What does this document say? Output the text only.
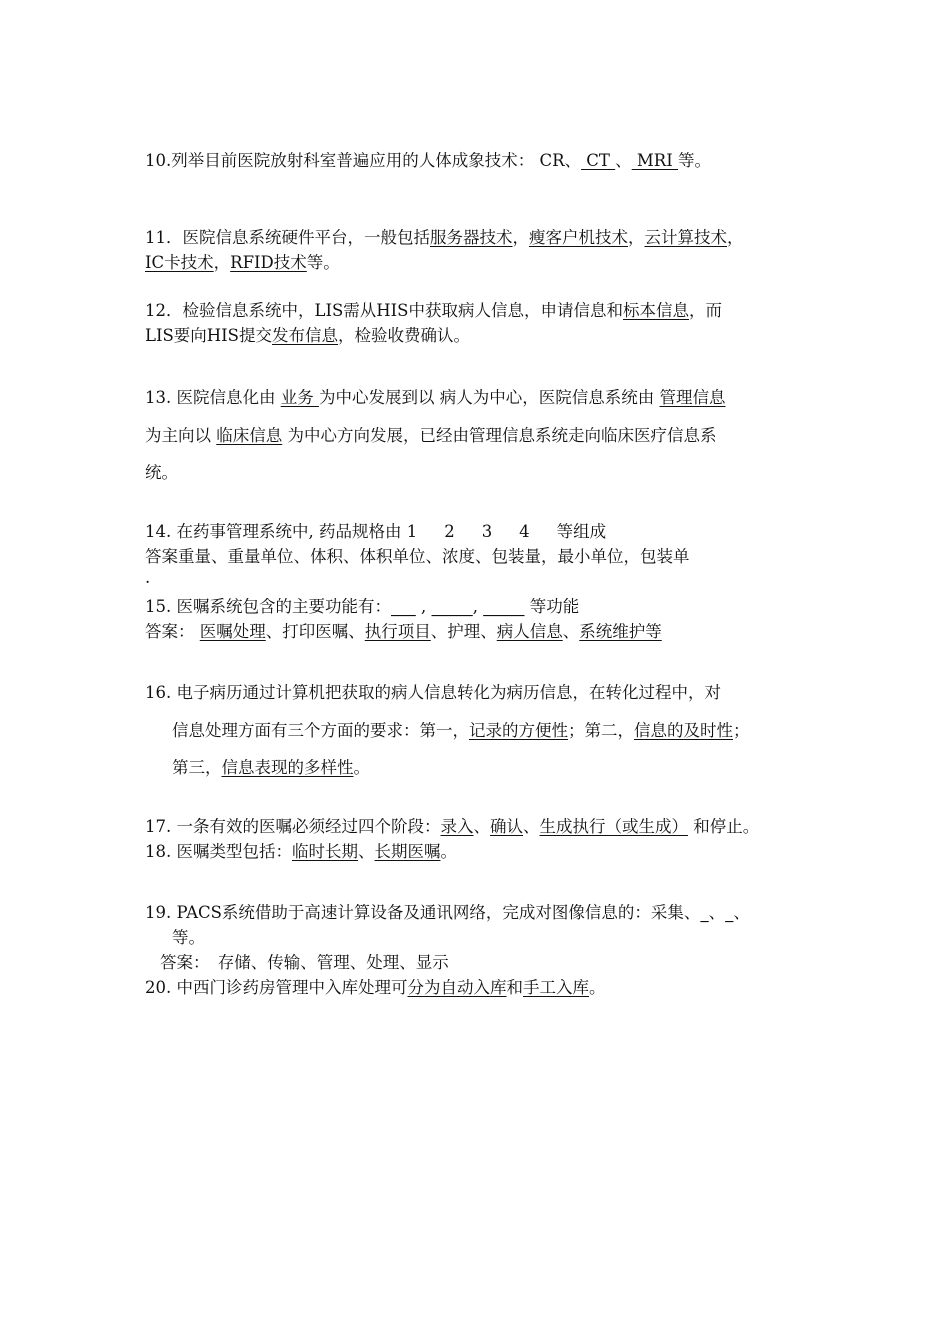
10.列举目前医院放射科室普遍应用的人体成象技术： CR、 CT 、 MRI 等。
11．医院信息系统硬件平台，一般包括服务器技术，瘦客户机技术，云计算技术，
IC卡技术，RFID技术等。
12．检验信息系统中，LIS需从HIS中获取病人信息，申请信息和标本信息，而
LIS要向HIS提交发布信息，检验收费确认。
13. 医院信息化由 业务 为中心发展到以 病人为中心，医院信息系统由 管理信息
为主向以 临床信息 为中心方向发展，已经由管理信息系统走向临床医疗信息系
统。
14. 在药事管理系统中, 药品规格由 1 　 2 　 3 　 4 　 等组成
答案重量、重量单位、体积、体积单位、浓度、包装量，最小单位，包装单
.
15. 医嘱系统包含的主要功能有：___ , _____, _____ 等功能
答案： 医嘱处理、打印医嘱、执行项目、护理、病人信息、系统维护等
16. 电子病历通过计算机把获取的病人信息转化为病历信息，在转化过程中，对
信息处理方面有三个方面的要求：第一，记录的方便性；第二，信息的及时性；
第三，信息表现的多样性。
17. 一条有效的医嘱必须经过四个阶段：录入、确认、生成执行（或生成） 和停止。
18. 医嘱类型包括：临时长期、长期医嘱。
19. PACS系统借助于高速计算设备及通讯网络，完成对图像信息的：采集、_、_、
等。
答案：　存储、传输、管理、处理、显示
20. 中西门诊药房管理中入库处理可分为自动入库和手工入库。
